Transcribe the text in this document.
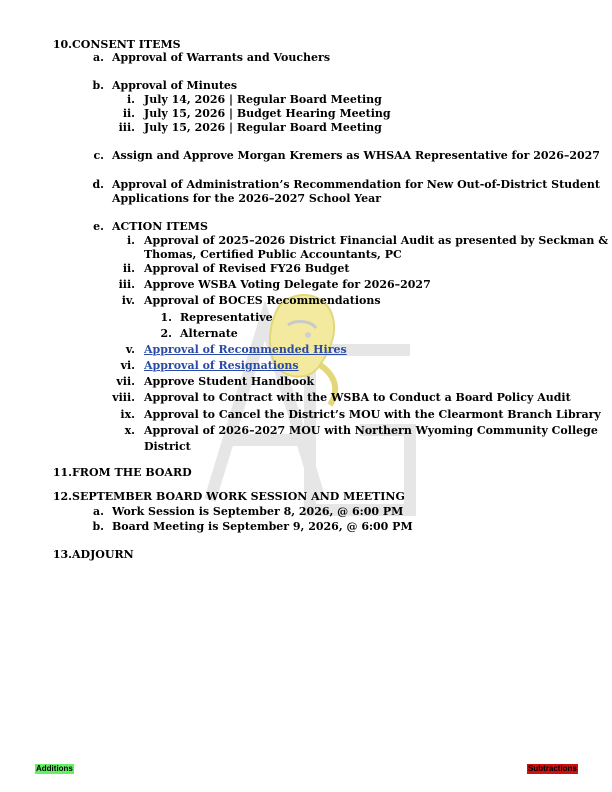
10. CONSENT ITEMS
a. Approval of Warrants and Vouchers
b. Approval of Minutes
i. July 14, 2026 | Regular Board Meeting
ii. July 15, 2026 | Budget Hearing Meeting
iii. July 15, 2026 | Regular Board Meeting
c. Assign and Approve Morgan Kremers as WHSAA Representative for 2026–2027
d. Approval of Administration’s Recommendation for New Out-of-District Student
Applications for the 2026–2027 School Year
e. ACTION ITEMS
i. Approval of 2025–2026 District Financial Audit as presented by Seckman &
Thomas, Certified Public Accountants, PC
ii. Approval of Revised FY26 Budget
iii. Approve WSBA Voting Delegate for 2026–2027
iv. Approval of BOCES Recommendations
1. Representative
2. Alternate
v. Approval of Recommended Hires
vi. Approval of Resignations
vii. Approve Student Handbook
viii. Approval to Contract with the WSBA to Conduct a Board Policy Audit
ix. Approval to Cancel the District’s MOU with the Clearmont Branch Library
x. Approval of 2026–2027 MOU with Northern Wyoming Community College
District
11. FROM THE BOARD
12. SEPTEMBER BOARD WORK SESSION AND MEETING
a. Work Session is September 8, 2026, @ 6:00 PM
b. Board Meeting is September 9, 2026, @ 6:00 PM
13. ADJOURN
Additions	Subtractions
